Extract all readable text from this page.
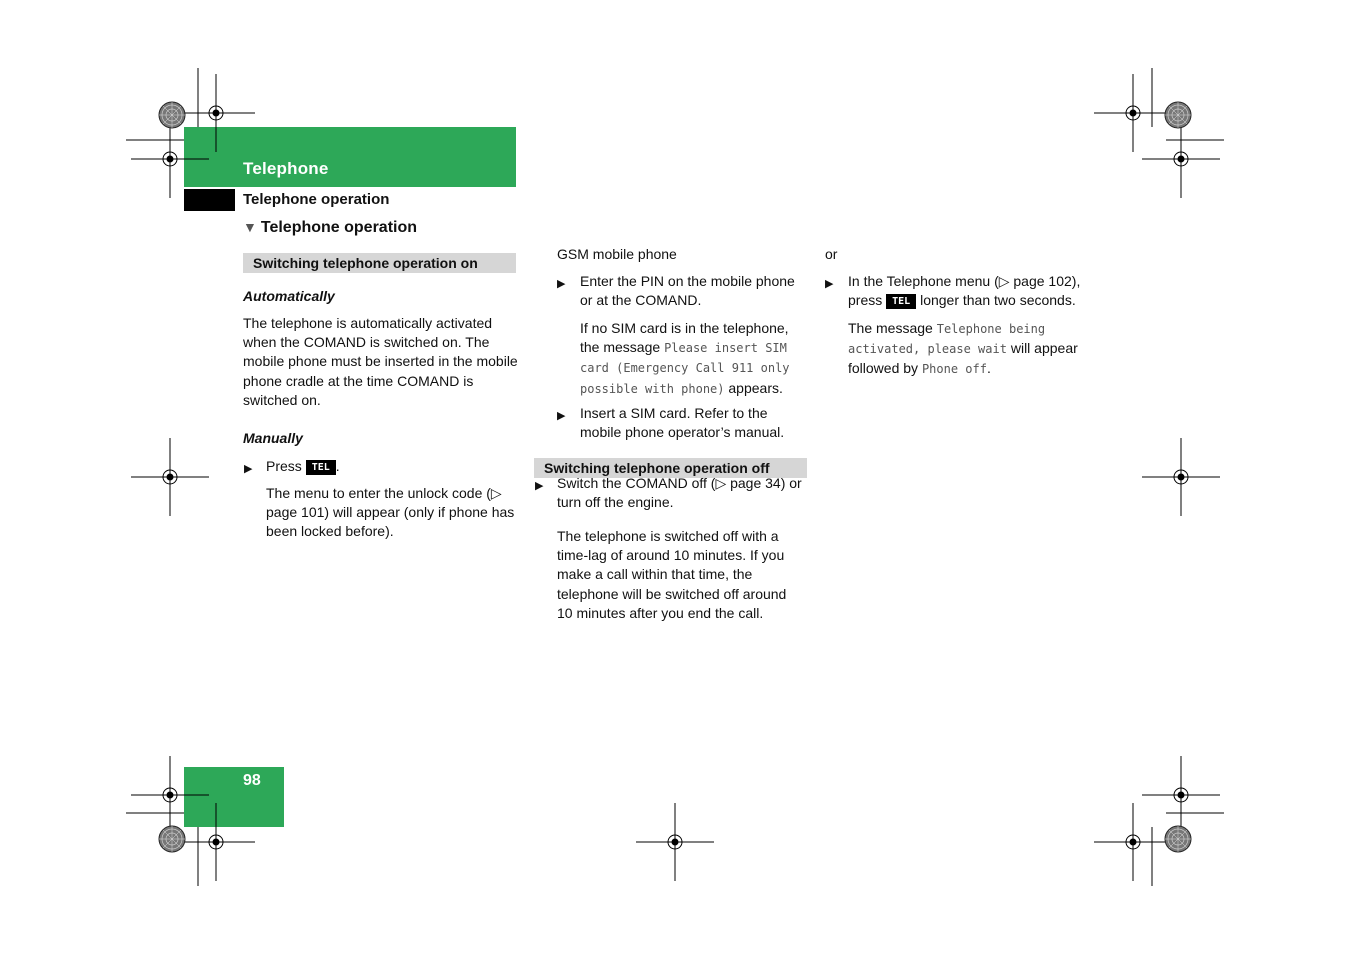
Telephone
Telephone operation
▼ Telephone operation
Switching telephone operation on
Automatically
The telephone is automatically activated when the COMAND is switched on. The mobile phone must be inserted in the mobile phone cradle at the time COMAND is switched on.
Manually
▶ Press TEL .
The menu to enter the unlock code (▷ page 101) will appear (only if phone has been locked before).
GSM mobile phone
▶ Enter the PIN on the mobile phone or at the COMAND.
If no SIM card is in the telephone, the message Please insert SIM card (Emergency Call 911 only possible with phone) appears.
▶ Insert a SIM card. Refer to the mobile phone operator’s manual.
Switching telephone operation off
▶ Switch the COMAND off (▷ page 34) or turn off the engine.
The telephone is switched off with a time-lag of around 10 minutes. If you make a call within that time, the telephone will be switched off around 10 minutes after you end the call.
or
▶ In the Telephone menu (▷ page 102), press TEL longer than two seconds.
The message Telephone being activated, please wait will appear followed by Phone off.
98
